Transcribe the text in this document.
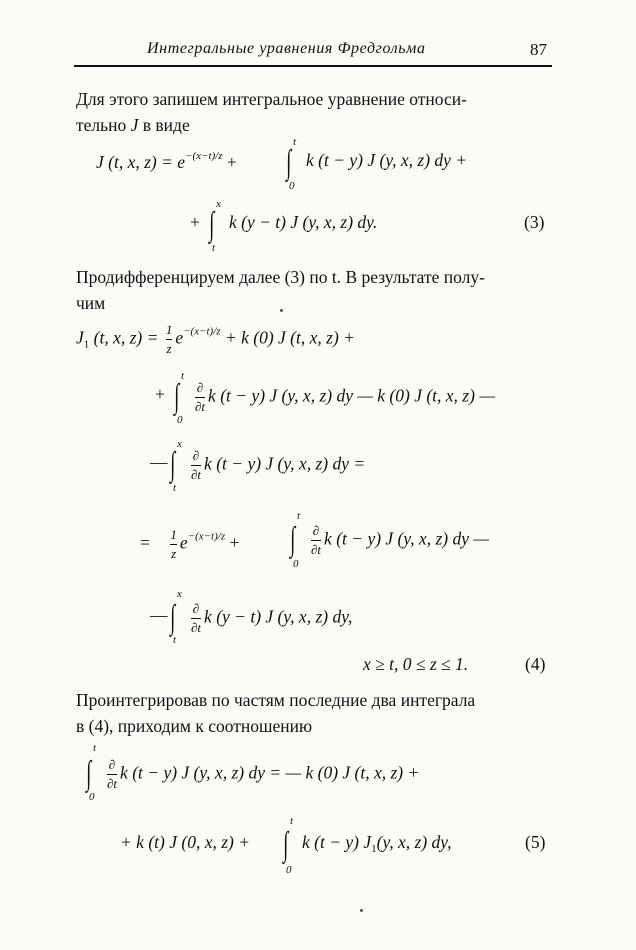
Интегральные уравнения Фредгольма	87
Для этого запишем интегральное уравнение относи-
тельно J в виде
J (t, x, $z) = e^{-(x-t)/z}$ + ∫
t
0
k (t − y) J (y, x, z) dy +
+ ∫
x
t
k (y − t) J (y, x, z) dy.	(3)
Продифференцируем далее (3) по t. В результате полу-
чим
$J_1$ (t, x, $z) = \frac{1}{z} e^{-(x-t)/z} + k$ (0) J (t, x, z) +
+ ∫
t
0
$\frac{\partial}{\partial t}$ k (t − y) J (y, x, z) dy — k (0) J (t, x, z) —
— ∫
x
t
$\frac{\partial}{\partial t}$ k (t − y) J (y, x, z) dy =
= $\frac{1}{z} e^{-(x-t)/z}$ + ∫
t
0
$\frac{\partial}{\partial t}$ k (t − y) J (y, x, z) dy —
— ∫
x
t
$\frac{\partial}{\partial t}$ k (y − t) J (y, x, z) dy,
x ≥ t, 0 ≤ z ≤ 1.	(4)
Проинтегрировав по частям последние два интеграла
в (4), приходим к соотношению
∫
t
0
$\frac{\partial}{\partial t}$ k (t − y) J (y, x, z) dy = — k (0) J (t, x, z) +
+ k (t) J (0, x, z) + ∫
t
0
k (t − y) $J_1(y$, x, z) dy,	(5)
